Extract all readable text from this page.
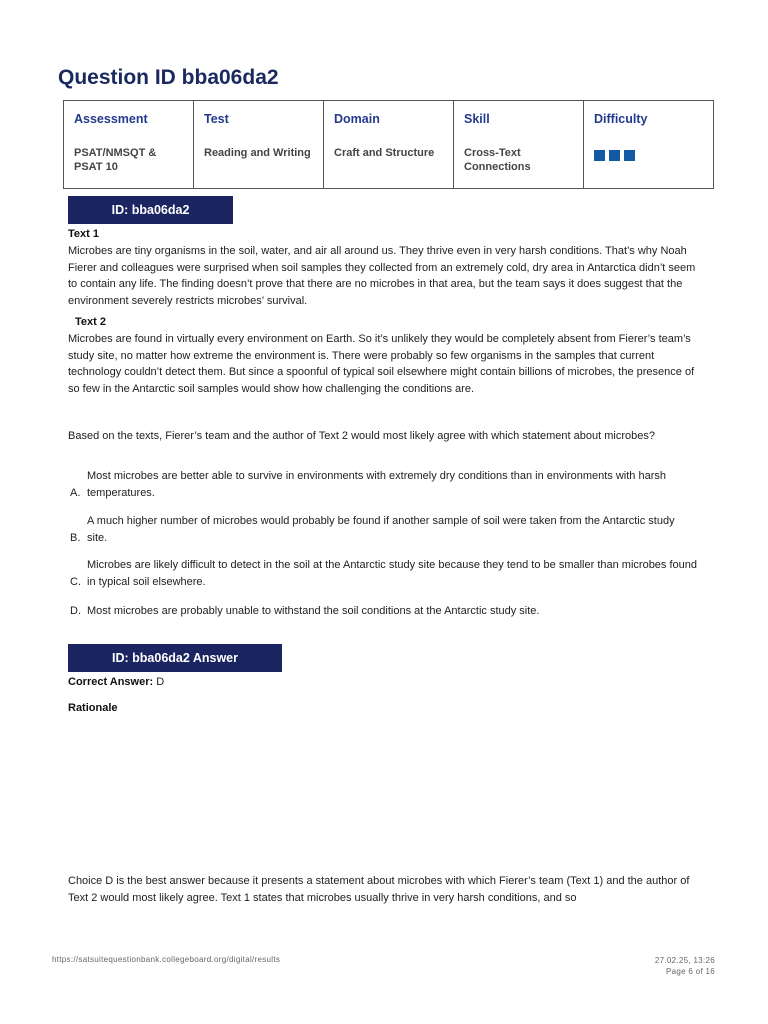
Question ID bba06da2
Assessment
PSAT/NMSQT & PSAT 10

Test
Reading and Writing

Domain
Craft and Structure

Skill
Cross-Text Connections

Difficulty
ID: bba06da2
Text 1
Microbes are tiny organisms in the soil, water, and air all around us. They thrive even in very harsh conditions. That’s why Noah Fierer and colleagues were surprised when soil samples they collected from an extremely cold, dry area in Antarctica didn’t seem to contain any life. The finding doesn’t prove that there are no microbes in that area, but the team says it does suggest that the environment severely restricts microbes’ survival.
Text 2
Microbes are found in virtually every environment on Earth. So it’s unlikely they would be completely absent from Fierer’s team’s study site, no matter how extreme the environment is. There were probably so few organisms in the samples that current technology couldn’t detect them. But since a spoonful of typical soil elsewhere might contain billions of microbes, the presence of so few in the Antarctic soil samples would show how challenging the conditions are.
Based on the texts, Fierer’s team and the author of Text 2 would most likely agree with which statement about microbes?
A.
Most microbes are better able to survive in environments with extremely dry conditions than in environments with harsh temperatures.
B.
A much higher number of microbes would probably be found if another sample of soil were taken from the Antarctic study site.
C.
Microbes are likely difficult to detect in the soil at the Antarctic study site because they tend to be smaller than microbes found in typical soil elsewhere.
D. Most microbes are probably unable to withstand the soil conditions at the Antarctic study site.
ID: bba06da2 Answer
Correct Answer: D
Rationale
Choice D is the best answer because it presents a statement about microbes with which Fierer’s team (Text 1) and the author of Text 2 would most likely agree. Text 1 states that microbes usually thrive in very harsh conditions, and so
https://satsuitequestionbank.collegeboard.org/digital/results	27.02.25, 13:26
Page 6 of 16
